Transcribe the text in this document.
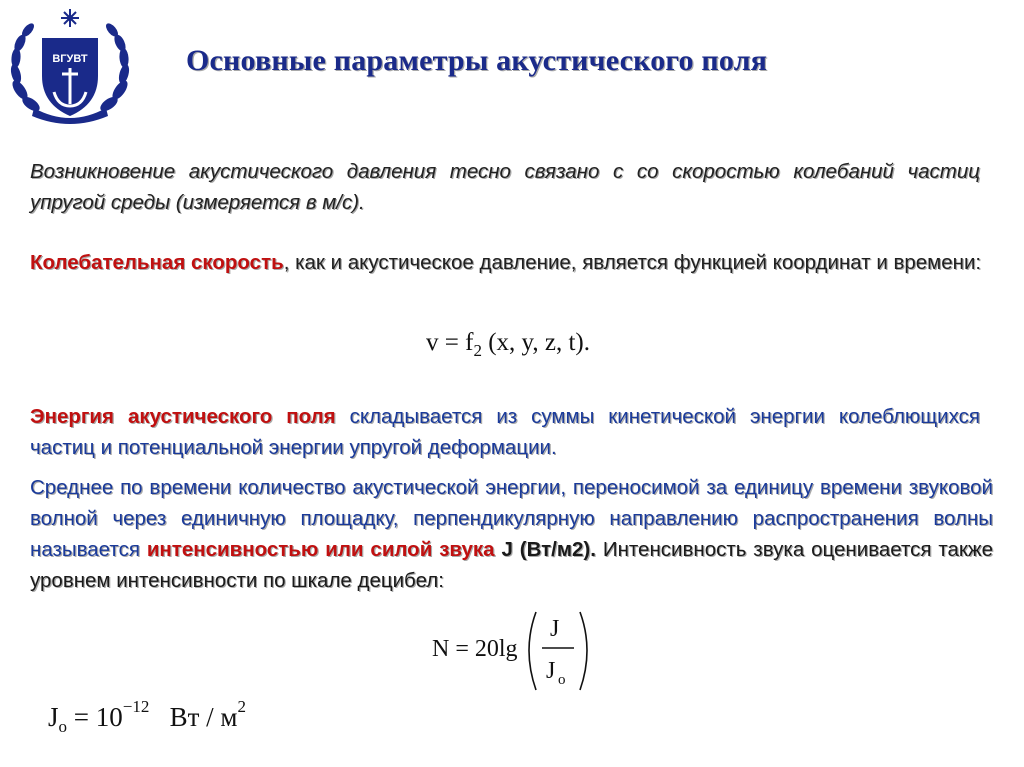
ВГУВТ	Основные параметры акустического поля
Возникновение акустического давления тесно связано с со скоростью колебаний частиц упругой среды (измеряется в м/с).
Колебательная скорость, как и акустическое давление, является функцией координат и времени:
$v = f_2$ (x, y, z, t).
Энергия акустического поля складывается из суммы кинетической энергии колеблющихся частиц и потенциальной энергии упругой деформации.
Среднее по времени количество акустической энергии, переносимой за единицу времени звуковой волной через единичную площадку, перпендикулярную направлению распространения волны называется интенсивностью или силой звука J (Вт/м2). Интенсивность звука оценивается также уровнем интенсивности по шкале децибел:
N = 20lg
J
J o
$J_o = 10^{-12}$ Вт / $м^2$
